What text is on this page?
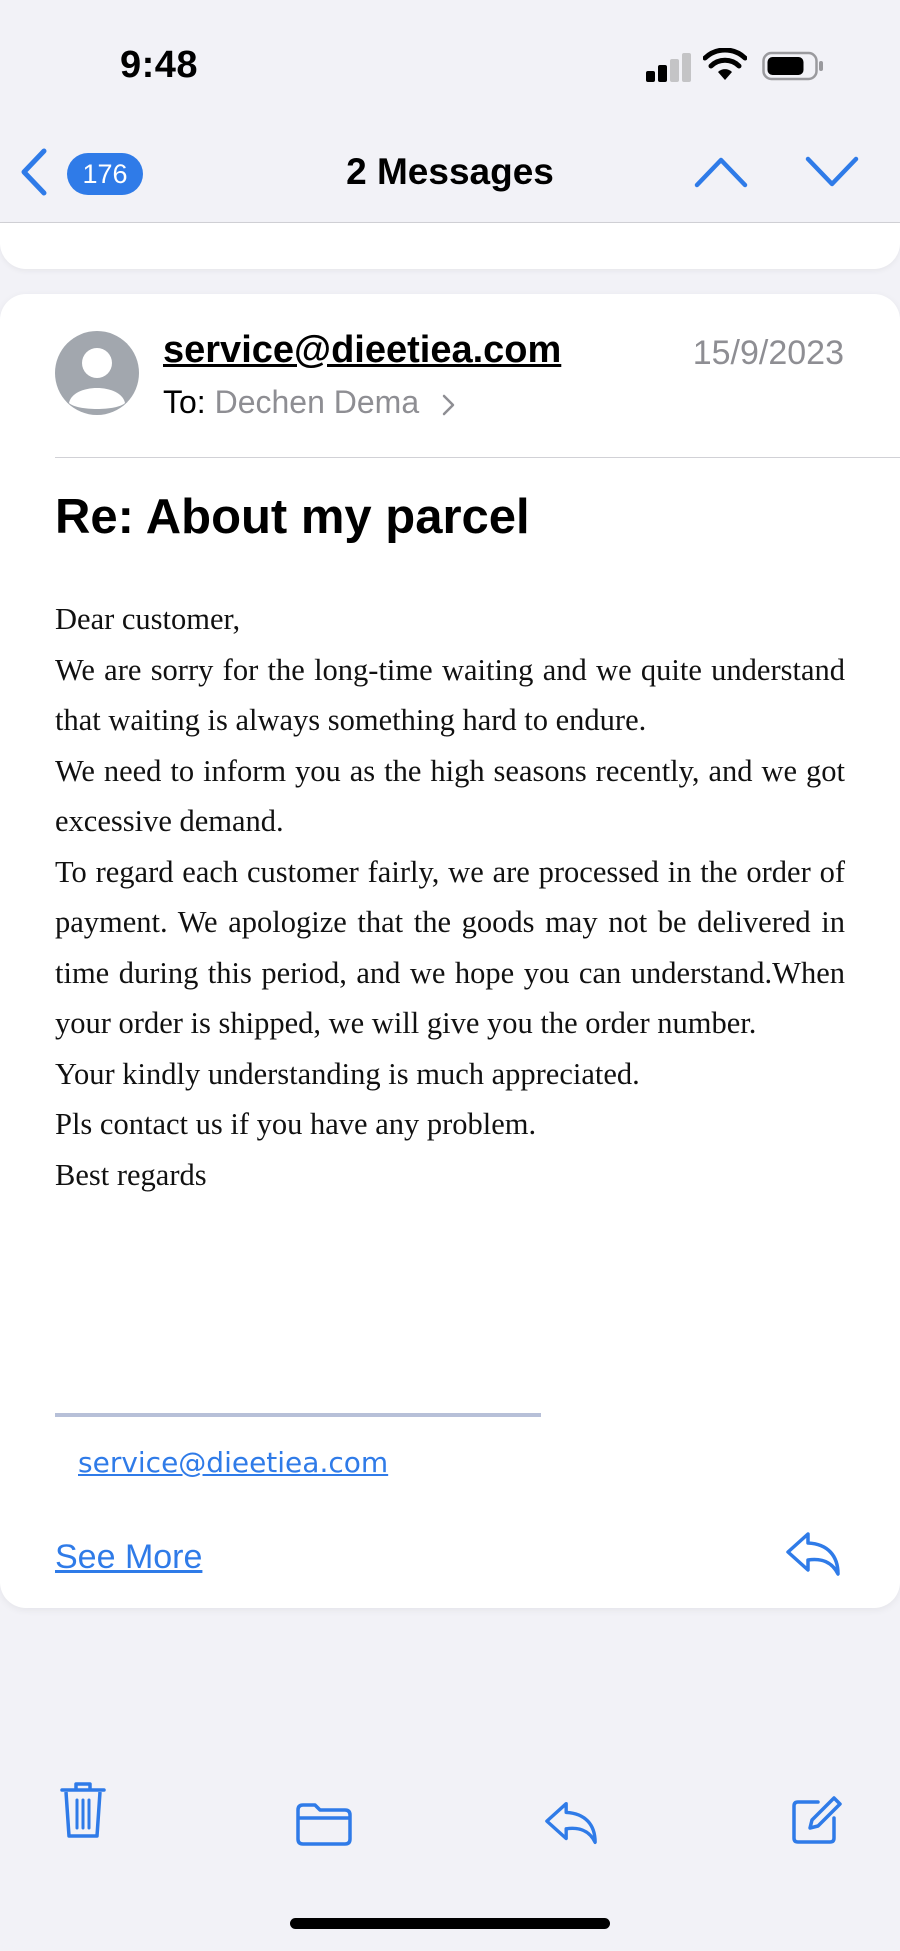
9:48
176	2 Messages
service@dieetiea.com	15/9/2023
To: Dechen Dema
Re: About my parcel

Dear customer,

We are sorry for the long-time waiting and we quite understand that waiting is always something hard to endure.

We need to inform you as the high seasons recently, and we got excessive demand.

To regard each customer fairly, we are processed in the order of payment. We apologize that the goods may not be delivered in time during this period, and we hope you can understand.When your order is shipped, we will give you the order number.

Your kindly understanding is much appreciated.

Pls contact us if you have any problem.

Best regards

service@dieetiea.com
See More
